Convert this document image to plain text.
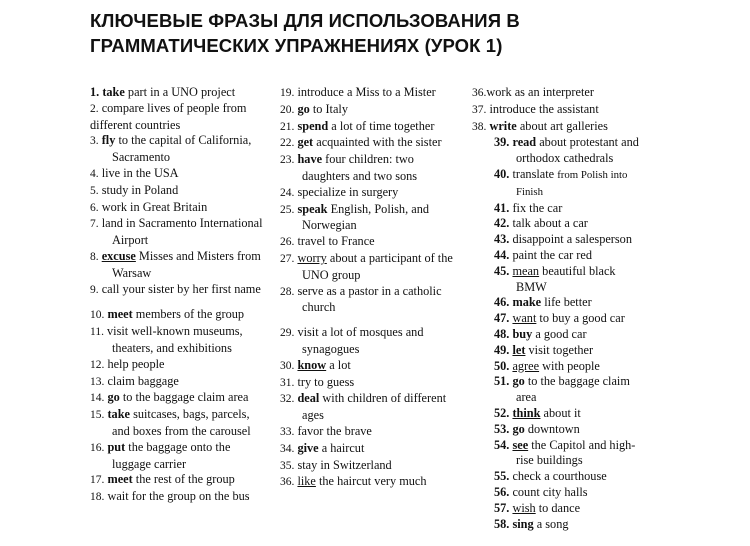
КЛЮЧЕВЫЕ ФРАЗЫ ДЛЯ ИСПОЛЬЗОВАНИЯ В
ГРАММАТИЧЕСКИХ УПРАЖНЕНИЯХ (УРОК 1)
1. take part in a UNO project
2. compare lives of people from
different countries
3. fly to the capital of California,
Sacramento
4. live in the USA
5. study in Poland
6. work in Great Britain
7. land in Sacramento International
Airport
8. excuse Misses and Misters from
Warsaw
9. call your sister by her first name
10. meet members of the group
11. visit well-known museums,
theaters, and exhibitions
12. help people
13. claim baggage
14. go to the baggage claim area
15. take suitcases, bags, parcels,
and boxes from the carousel
16. put the baggage onto the
luggage carrier
17. meet the rest of the group
18. wait for the group on the bus
19. introduce a Miss to a Mister
20. go to Italy
21. spend a lot of time together
22. get acquainted with the sister
23. have four children: two
daughters and two sons
24. specialize in surgery
25. speak English, Polish, and
Norwegian
26. travel to France
27. worry about a participant of the
UNO group
28. serve as a pastor in a catholic
church
29. visit a lot of mosques and
synagogues
30. know a lot
31. try to guess
32. deal with children of different
ages
33. favor the brave
34. give a haircut
35. stay in Switzerland
36. like the haircut very much
36.work as an interpreter
37. introduce the assistant
38. write about art galleries
39. read about protestant and
orthodox cathedrals
40. translate from Polish into
Finish
41. fix the car
42. talk about a car
43. disappoint a salesperson
44. paint the car red
45. mean beautiful black
BMW
46. make life better
47. want to buy a good car
48. buy a good car
49. let visit together
50. agree with people
51. go to the baggage claim
area
52. think about it
53. go downtown
54. see the Capitol and high-
rise buildings
55. check a courthouse
56. count city halls
57. wish to dance
58. sing a song
